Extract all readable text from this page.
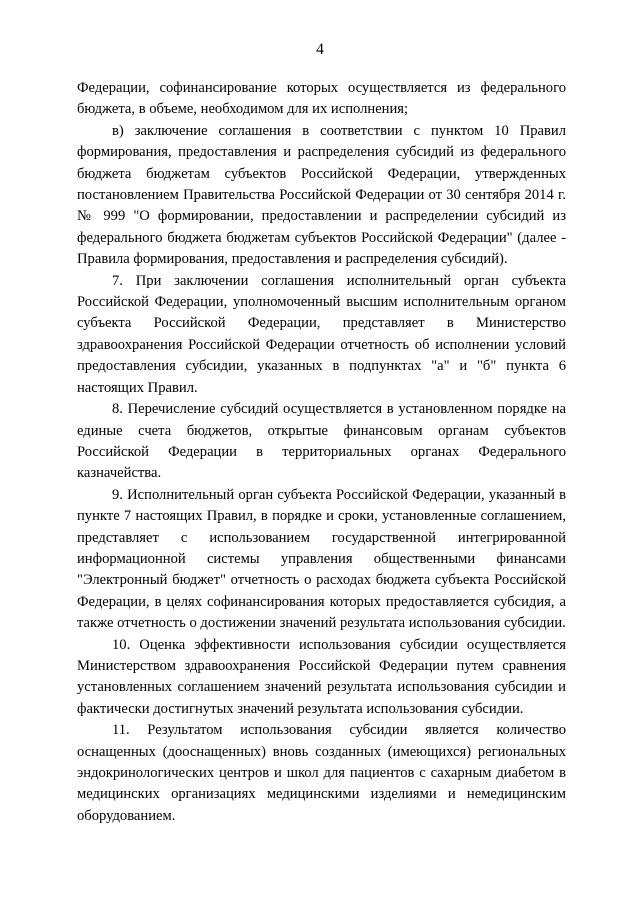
4

Федерации, софинансирование которых осуществляется из федерального бюджета, в объеме, необходимом для их исполнения;

в) заключение соглашения в соответствии с пунктом 10 Правил формирования, предоставления и распределения субсидий из федерального бюджета бюджетам субъектов Российской Федерации, утвержденных постановлением Правительства Российской Федерации от 30 сентября 2014 г. № 999 "О формировании, предоставлении и распределении субсидий из федерального бюджета бюджетам субъектов Российской Федерации" (далее - Правила формирования, предоставления и распределения субсидий).

7. При заключении соглашения исполнительный орган субъекта Российской Федерации, уполномоченный высшим исполнительным органом субъекта Российской Федерации, представляет в Министерство здравоохранения Российской Федерации отчетность об исполнении условий предоставления субсидии, указанных в подпунктах "а" и "б" пункта 6 настоящих Правил.

8. Перечисление субсидий осуществляется в установленном порядке на единые счета бюджетов, открытые финансовым органам субъектов Российской Федерации в территориальных органах Федерального казначейства.

9. Исполнительный орган субъекта Российской Федерации, указанный в пункте 7 настоящих Правил, в порядке и сроки, установленные соглашением, представляет с использованием государственной интегрированной информационной системы управления общественными финансами "Электронный бюджет" отчетность о расходах бюджета субъекта Российской Федерации, в целях софинансирования которых предоставляется субсидия, а также отчетность о достижении значений результата использования субсидии.

10. Оценка эффективности использования субсидии осуществляется Министерством здравоохранения Российской Федерации путем сравнения установленных соглашением значений результата использования субсидии и фактически достигнутых значений результата использования субсидии.

11. Результатом использования субсидии является количество оснащенных (дооснащенных) вновь созданных (имеющихся) региональных эндокринологических центров и школ для пациентов с сахарным диабетом в медицинских организациях медицинскими изделиями и немедицинским оборудованием.
